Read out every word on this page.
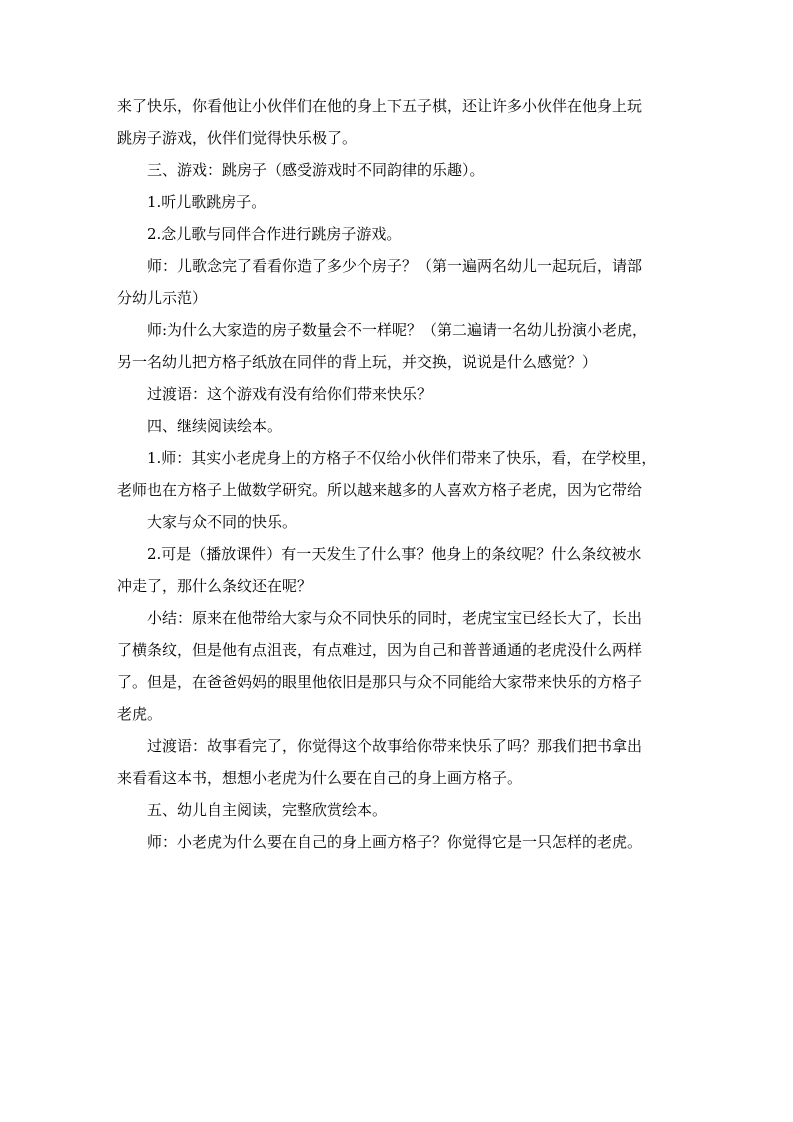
来了快乐，你看他让小伙伴们在他的身上下五子棋，还让许多小伙伴在他身上玩
跳房子游戏，伙伴们觉得快乐极了。
三、游戏：跳房子（感受游戏时不同韵律的乐趣）。
1.听儿歌跳房子。
2.念儿歌与同伴合作进行跳房子游戏。
师：儿歌念完了看看你造了多少个房子？（第一遍两名幼儿一起玩后，请部
分幼儿示范）
师:为什么大家造的房子数量会不一样呢？（第二遍请一名幼儿扮演小老虎，
另一名幼儿把方格子纸放在同伴的背上玩，并交换，说说是什么感觉？）
过渡语：这个游戏有没有给你们带来快乐？
四、继续阅读绘本。
1.师：其实小老虎身上的方格子不仅给小伙伴们带来了快乐，看，在学校里，
老师也在方格子上做数学研究。所以越来越多的人喜欢方格子老虎，因为它带给
大家与众不同的快乐。
2.可是（播放课件）有一天发生了什么事？他身上的条纹呢？什么条纹被水
冲走了，那什么条纹还在呢？
小结：原来在他带给大家与众不同快乐的同时，老虎宝宝已经长大了，长出
了横条纹，但是他有点沮丧，有点难过，因为自己和普普通通的老虎没什么两样
了。但是，在爸爸妈妈的眼里他依旧是那只与众不同能给大家带来快乐的方格子
老虎。
过渡语：故事看完了，你觉得这个故事给你带来快乐了吗？那我们把书拿出
来看看这本书，想想小老虎为什么要在自己的身上画方格子。
五、幼儿自主阅读，完整欣赏绘本。
师：小老虎为什么要在自己的身上画方格子？你觉得它是一只怎样的老虎。
